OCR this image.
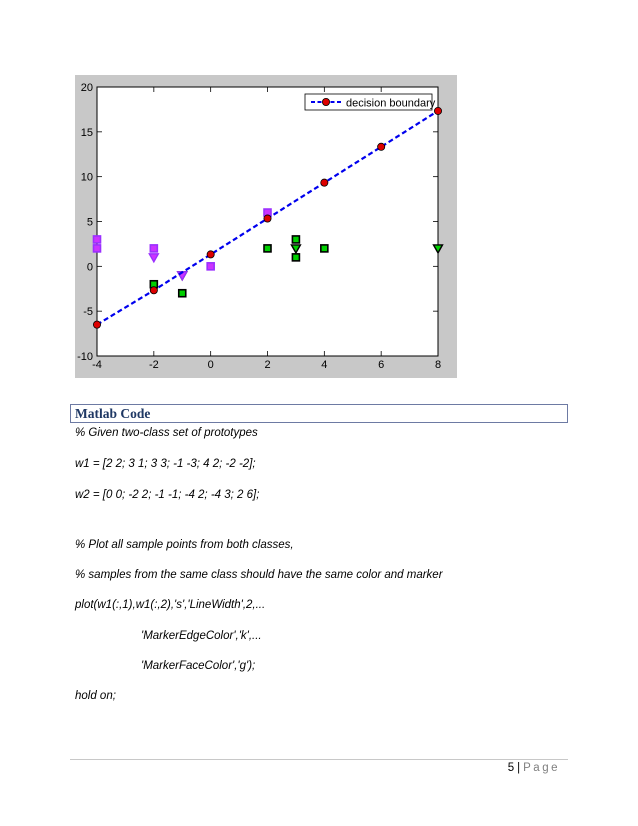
-4	-2	0	2	4	6	8
20
15
10
5
0
-5
-10
decision boundary
Matlab Code
% Given two-class set of prototypes
w1 = [2 2; 3 1; 3 3; -1 -3; 4 2; -2 -2];
w2 = [0 0; -2 2; -1 -1; -4 2; -4 3; 2 6];
% Plot all sample points from both classes,
% samples from the same class should have the same color and marker
plot(w1(:,1),w1(:,2),'s','LineWidth',2,...
'MarkerEdgeColor','k',...
'MarkerFaceColor','g');
hold on;
5 | Page
